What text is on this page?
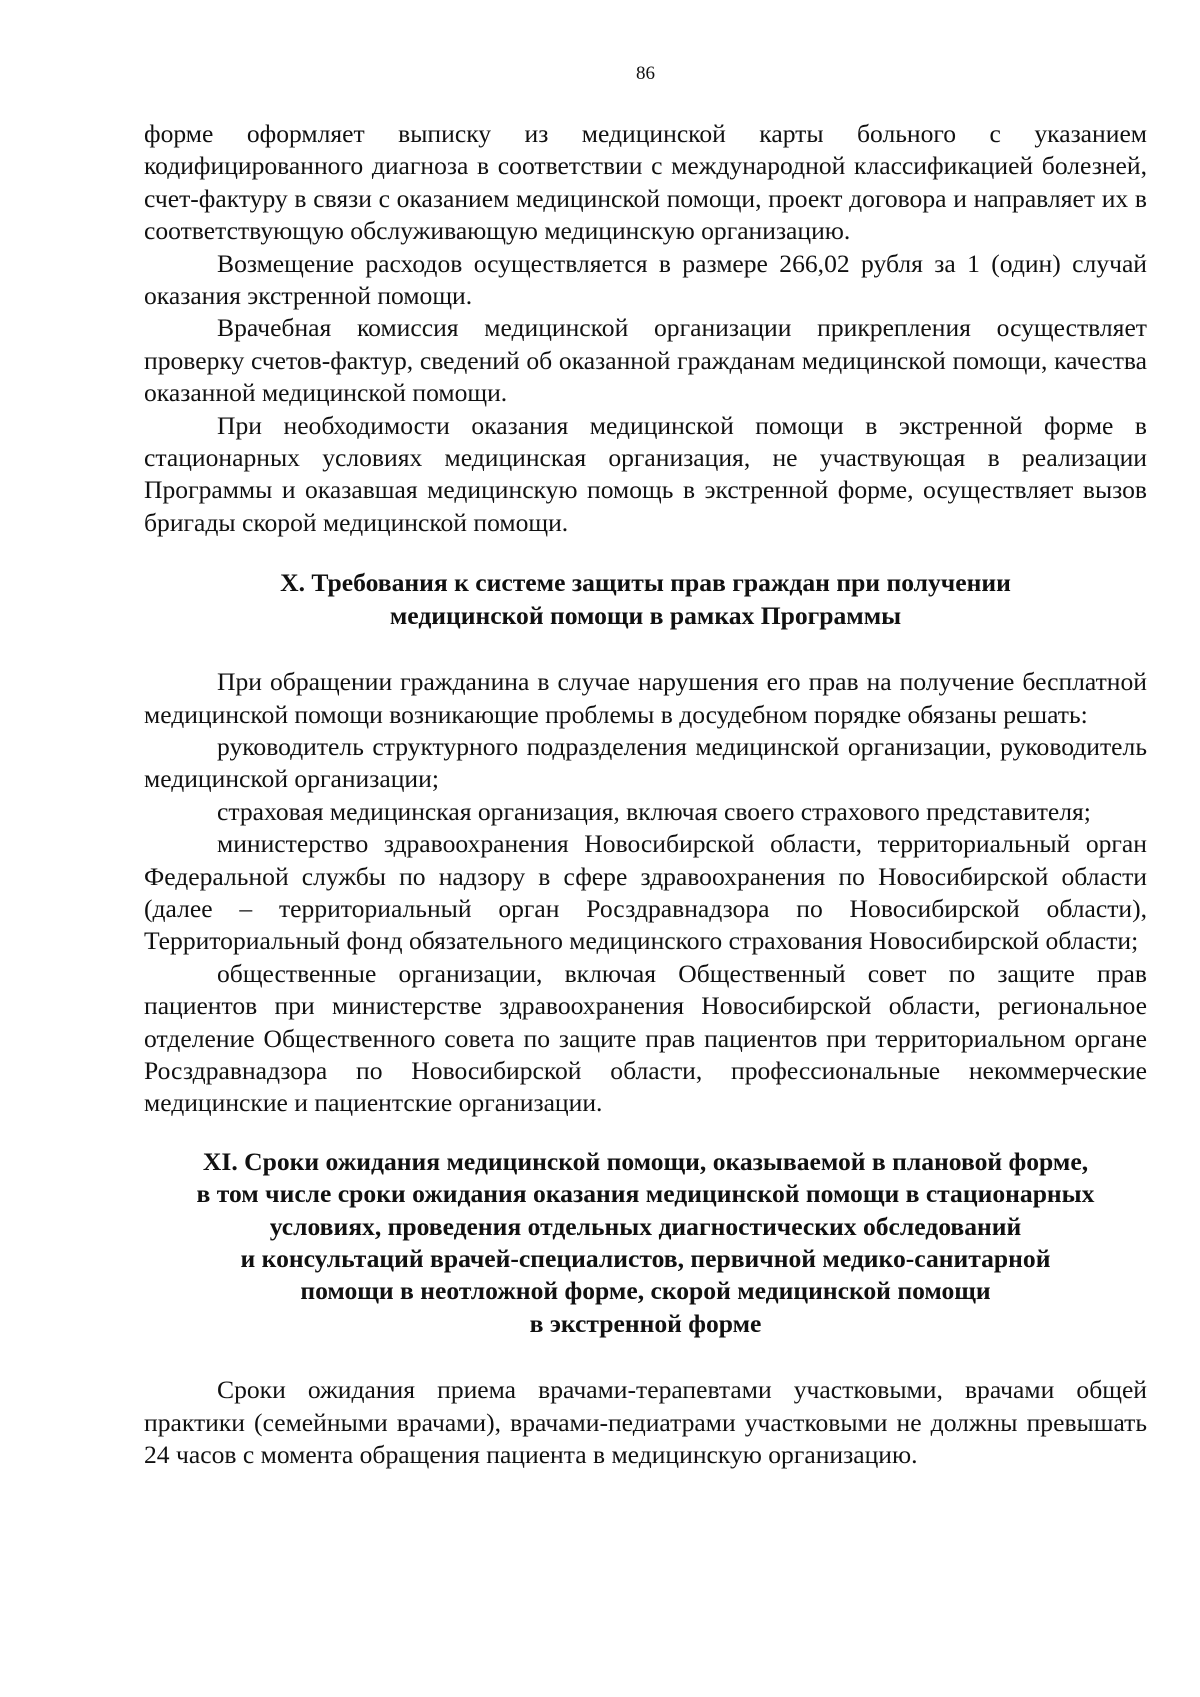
86

форме оформляет выписку из медицинской карты больного с указанием кодифицированного диагноза в соответствии с международной классификацией болезней, счет-фактуру в связи с оказанием медицинской помощи, проект договора и направляет их в соответствующую обслуживающую медицинскую организацию.

Возмещение расходов осуществляется в размере 266,02 рубля за 1 (один) случай оказания экстренной помощи.

Врачебная комиссия медицинской организации прикрепления осуществляет проверку счетов-фактур, сведений об оказанной гражданам медицинской помощи, качества оказанной медицинской помощи.

При необходимости оказания медицинской помощи в экстренной форме в стационарных условиях медицинская организация, не участвующая в реализации Программы и оказавшая медицинскую помощь в экстренной форме, осуществляет вызов бригады скорой медицинской помощи.

X. Требования к системе защиты прав граждан при получении
медицинской помощи в рамках Программы

При обращении гражданина в случае нарушения его прав на получение бесплатной медицинской помощи возникающие проблемы в досудебном порядке обязаны решать:

руководитель структурного подразделения медицинской организации, руководитель медицинской организации;

страховая медицинская организация, включая своего страхового представителя;

министерство здравоохранения Новосибирской области, территориальный орган Федеральной службы по надзору в сфере здравоохранения по Новосибирской области (далее – территориальный орган Росздравнадзора по Новосибирской области), Территориальный фонд обязательного медицинского страхования Новосибирской области;

общественные организации, включая Общественный совет по защите прав пациентов при министерстве здравоохранения Новосибирской области, региональное отделение Общественного совета по защите прав пациентов при территориальном органе Росздравнадзора по Новосибирской области, профессиональные некоммерческие медицинские и пациентские организации.

XI. Сроки ожидания медицинской помощи, оказываемой в плановой форме,
в том числе сроки ожидания оказания медицинской помощи в стационарных
условиях, проведения отдельных диагностических обследований
и консультаций врачей-специалистов, первичной медико-санитарной
помощи в неотложной форме, скорой медицинской помощи
в экстренной форме

Сроки ожидания приема врачами-терапевтами участковыми, врачами общей практики (семейными врачами), врачами-педиатрами участковыми не должны превышать 24 часов с момента обращения пациента в медицинскую организацию.
